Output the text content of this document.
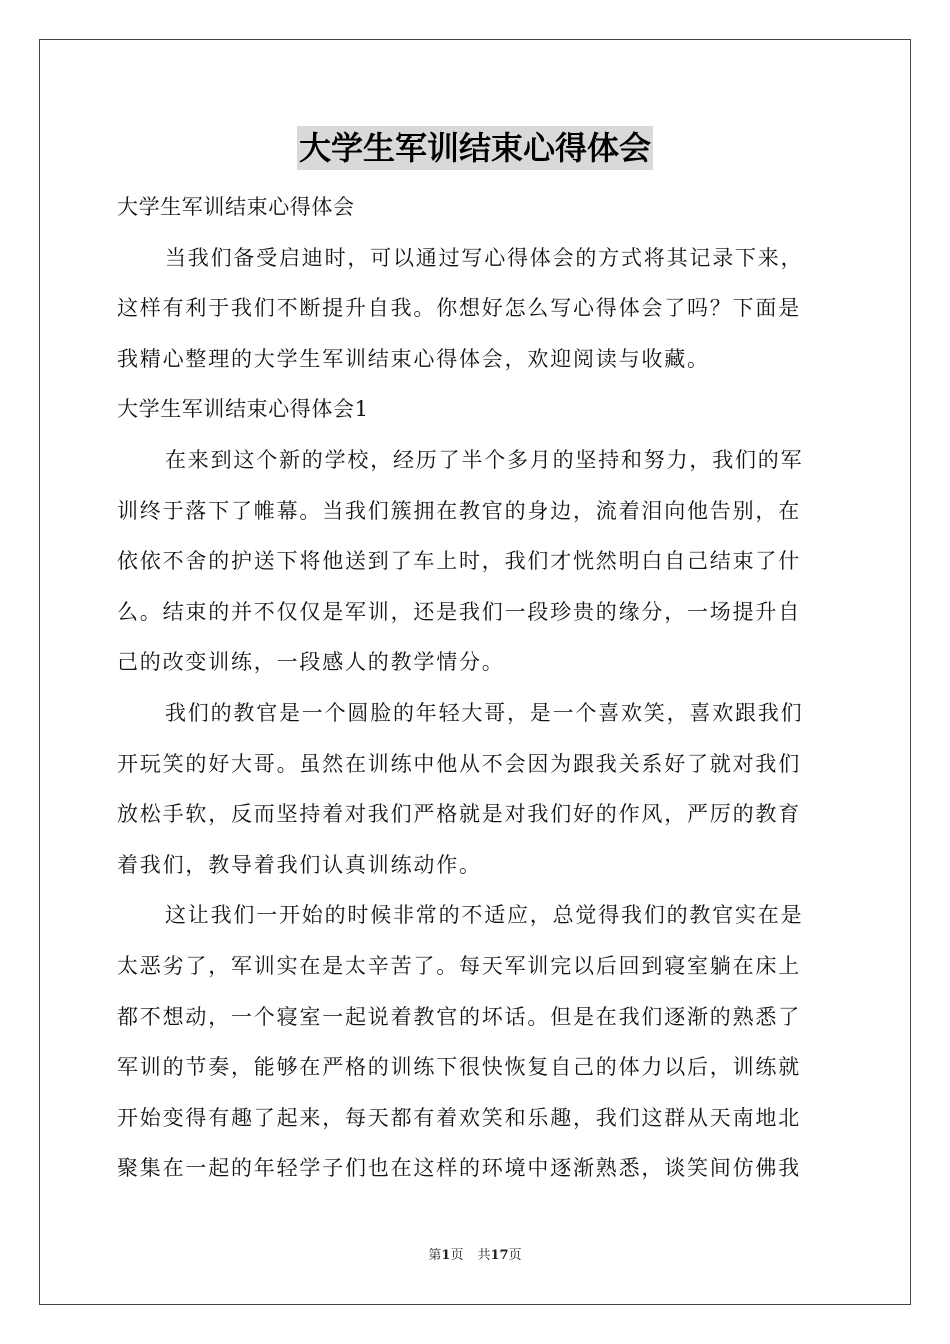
大学生军训结束心得体会
大学生军训结束心得体会
当我们备受启迪时，可以通过写心得体会的方式将其记录下来，
这样有利于我们不断提升自我。你想好怎么写心得体会了吗？下面是
我精心整理的大学生军训结束心得体会，欢迎阅读与收藏。
大学生军训结束心得体会1
在来到这个新的学校，经历了半个多月的坚持和努力，我们的军
训终于落下了帷幕。当我们簇拥在教官的身边，流着泪向他告别，在
依依不舍的护送下将他送到了车上时，我们才恍然明白自己结束了什
么。结束的并不仅仅是军训，还是我们一段珍贵的缘分，一场提升自
己的改变训练，一段感人的教学情分。
我们的教官是一个圆脸的年轻大哥，是一个喜欢笑，喜欢跟我们
开玩笑的好大哥。虽然在训练中他从不会因为跟我关系好了就对我们
放松手软，反而坚持着对我们严格就是对我们好的作风，严厉的教育
着我们，教导着我们认真训练动作。
这让我们一开始的时候非常的不适应，总觉得我们的教官实在是
太恶劣了，军训实在是太辛苦了。每天军训完以后回到寝室躺在床上
都不想动，一个寝室一起说着教官的坏话。但是在我们逐渐的熟悉了
军训的节奏，能够在严格的训练下很快恢复自己的体力以后，训练就
开始变得有趣了起来，每天都有着欢笑和乐趣，我们这群从天南地北
聚集在一起的年轻学子们也在这样的环境中逐渐熟悉，谈笑间仿佛我
第1页 共17页
